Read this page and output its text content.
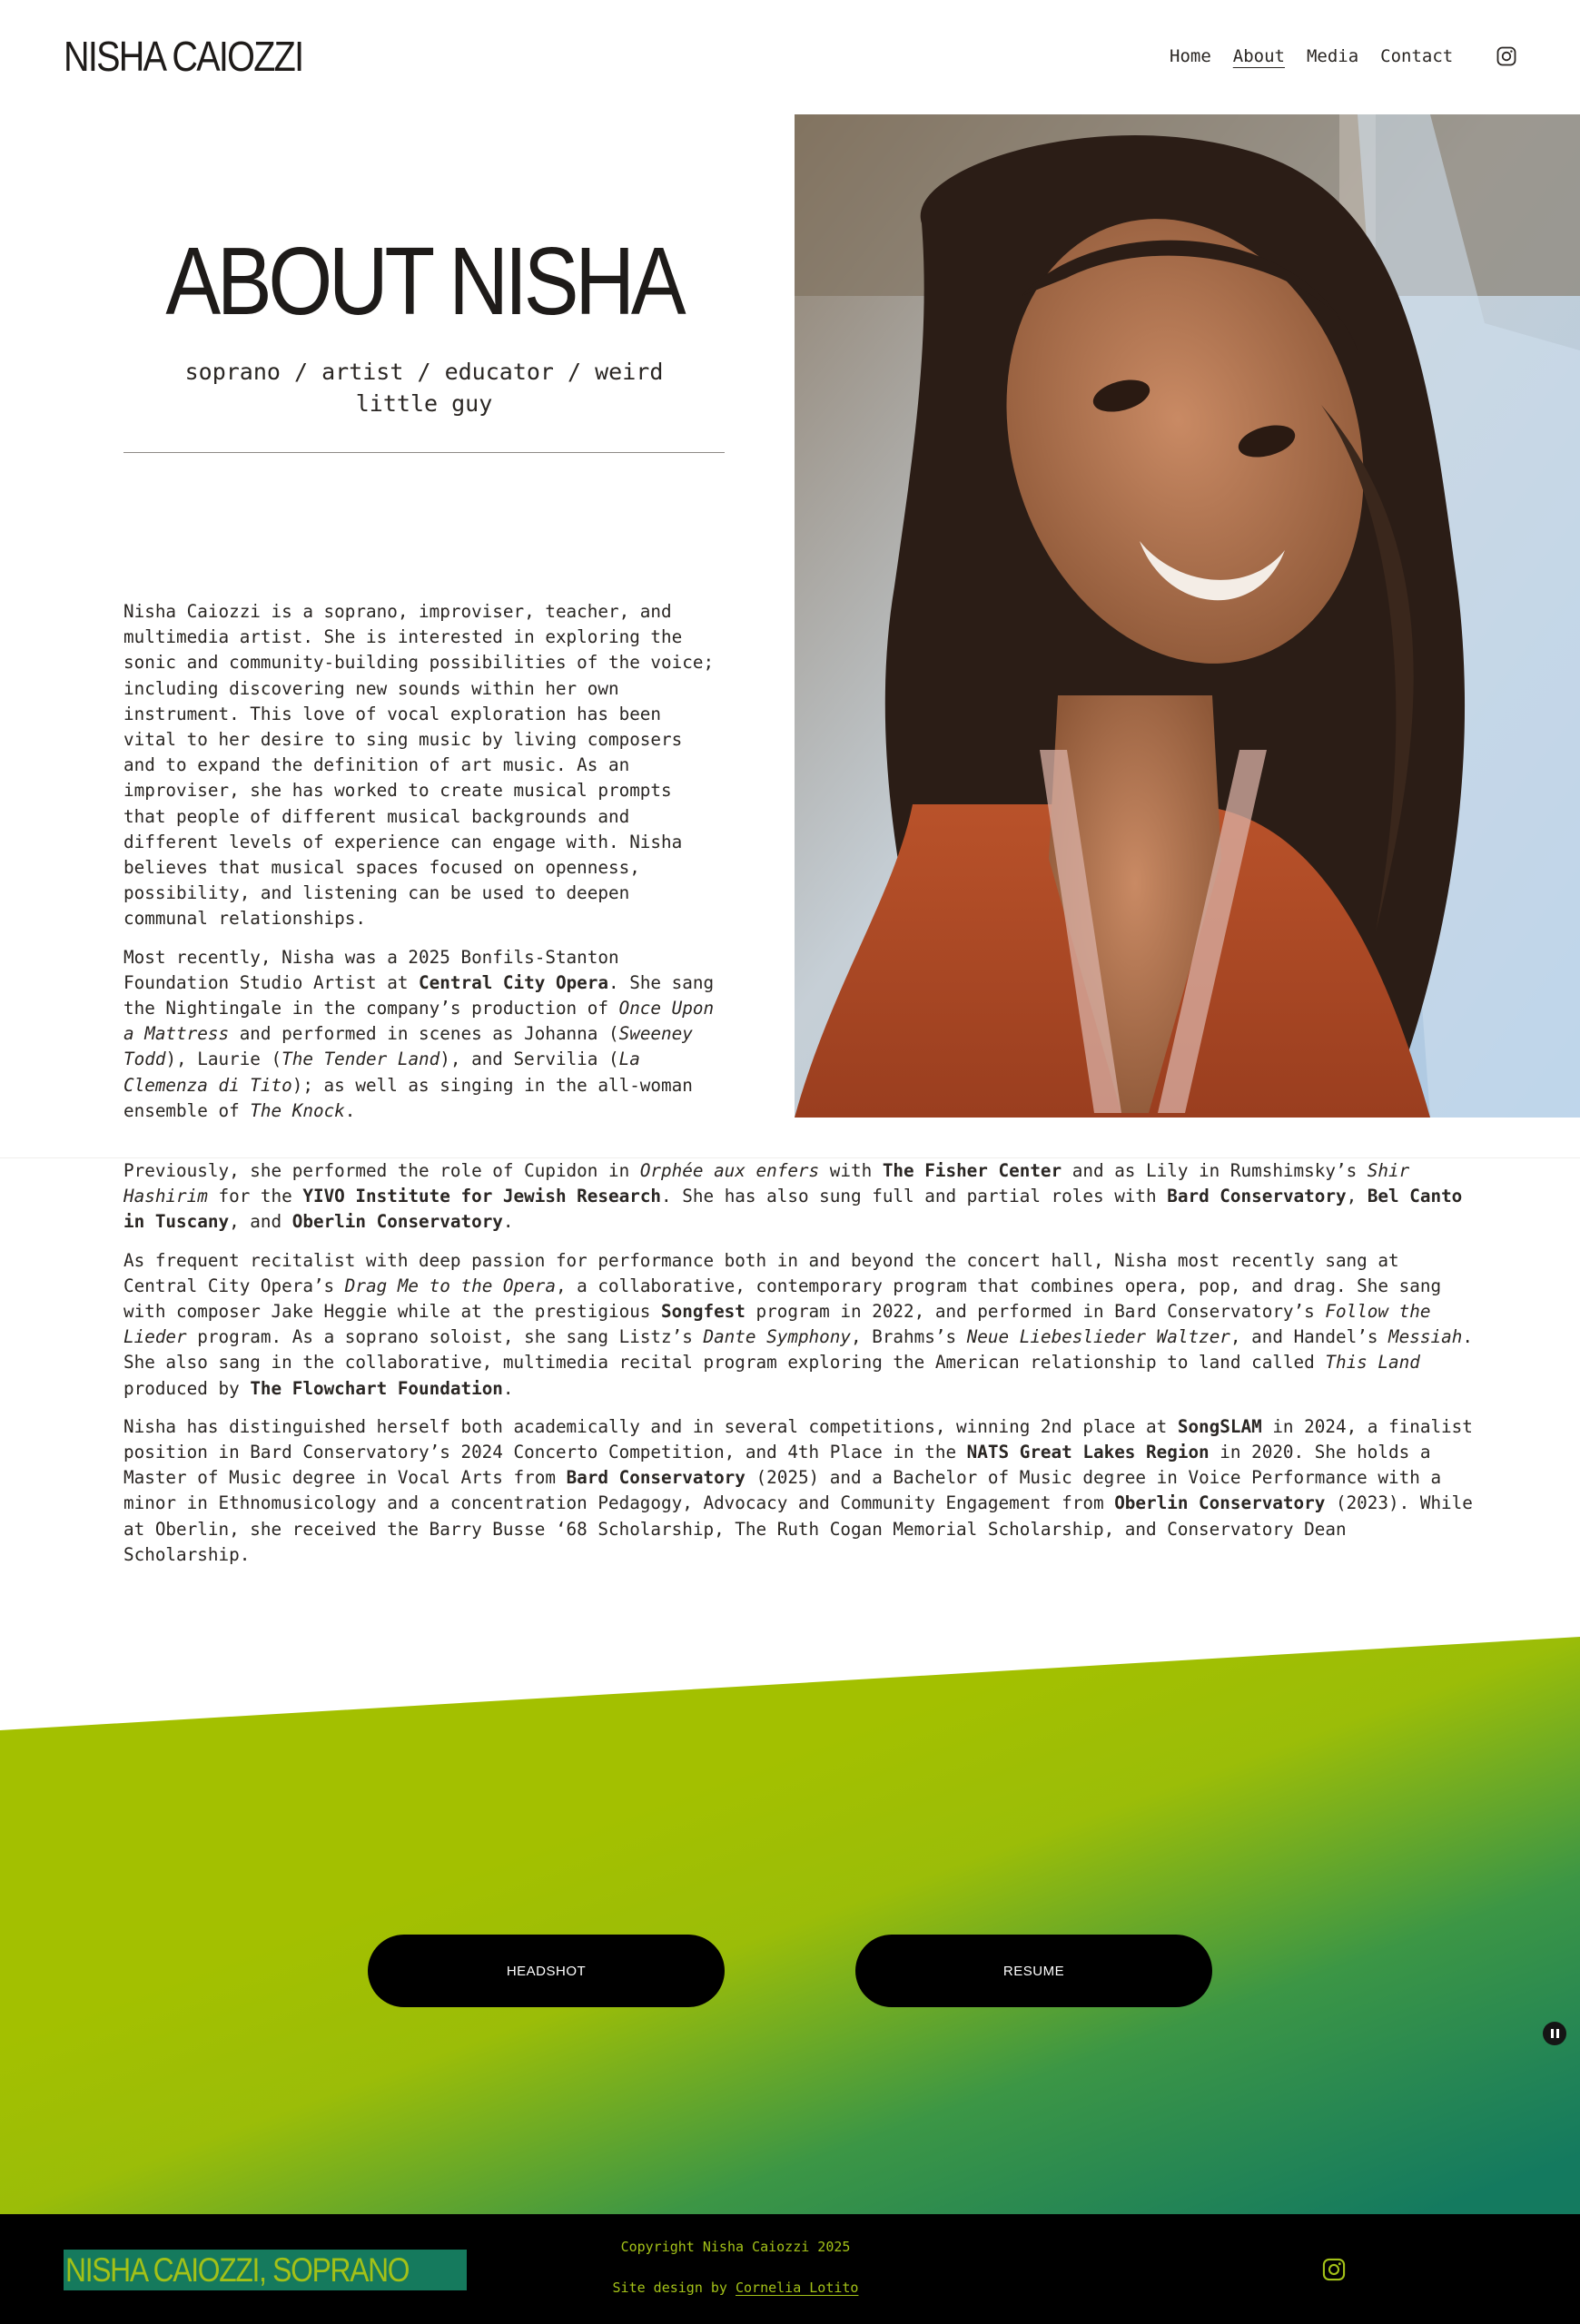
NISHA CAIOZZI	Home About Media Contact
ABOUT NISHA

soprano / artist / educator / weird little guy

Nisha Caiozzi is a soprano, improviser, teacher, and multimedia artist. She is interested in exploring the sonic and community-building possibilities of the voice; including discovering new sounds within her own instrument. This love of vocal exploration has been vital to her desire to sing music by living composers and to expand the definition of art music. As an improviser, she has worked to create musical prompts that people of different musical backgrounds and different levels of experience can engage with. Nisha believes that musical spaces focused on openness, possibility, and listening can be used to deepen communal relationships.

Most recently, Nisha was a 2025 Bonfils-Stanton Foundation Studio Artist at Central City Opera. She sang the Nightingale in the company’s production of Once Upon a Mattress and performed in scenes as Johanna (Sweeney Todd), Laurie (The Tender Land), and Servilia (La Clemenza di Tito); as well as singing in the all-woman ensemble of The Knock.

Previously, she performed the role of Cupidon in Orphée aux enfers with The Fisher Center and as Lily in Rumshimsky’s Shir Hashirim for the YIVO Institute for Jewish Research. She has also sung full and partial roles with Bard Conservatory, Bel Canto in Tuscany, and Oberlin Conservatory.

As frequent recitalist with deep passion for performance both in and beyond the concert hall, Nisha most recently sang at Central City Opera’s Drag Me to the Opera, a collaborative, contemporary program that combines opera, pop, and drag. She sang with composer Jake Heggie while at the prestigious Songfest program in 2022, and performed in Bard Conservatory’s Follow the Lieder program. As a soprano soloist, she sang Listz’s Dante Symphony, Brahms’s Neue Liebeslieder Waltzer, and Handel’s Messiah. She also sang in the collaborative, multimedia recital program exploring the American relationship to land called This Land produced by The Flowchart Foundation.

Nisha has distinguished herself both academically and in several competitions, winning 2nd place at SongSLAM in 2024, a finalist position in Bard Conservatory’s 2024 Concerto Competition, and 4th Place in the NATS Great Lakes Region in 2020. She holds a Master of Music degree in Vocal Arts from Bard Conservatory (2025) and a Bachelor of Music degree in Voice Performance with a minor in Ethnomusicology and a concentration Pedagogy, Advocacy and Community Engagement from Oberlin Conservatory (2023). While at Oberlin, she received the Barry Busse ‘68 Scholarship, The Ruth Cogan Memorial Scholarship, and Conservatory Dean Scholarship.

HEADSHOT	RESUME
NISHA CAIOZZI, SOPRANO
Copyright Nisha Caiozzi 2025
Site design by Cornelia Lotito
